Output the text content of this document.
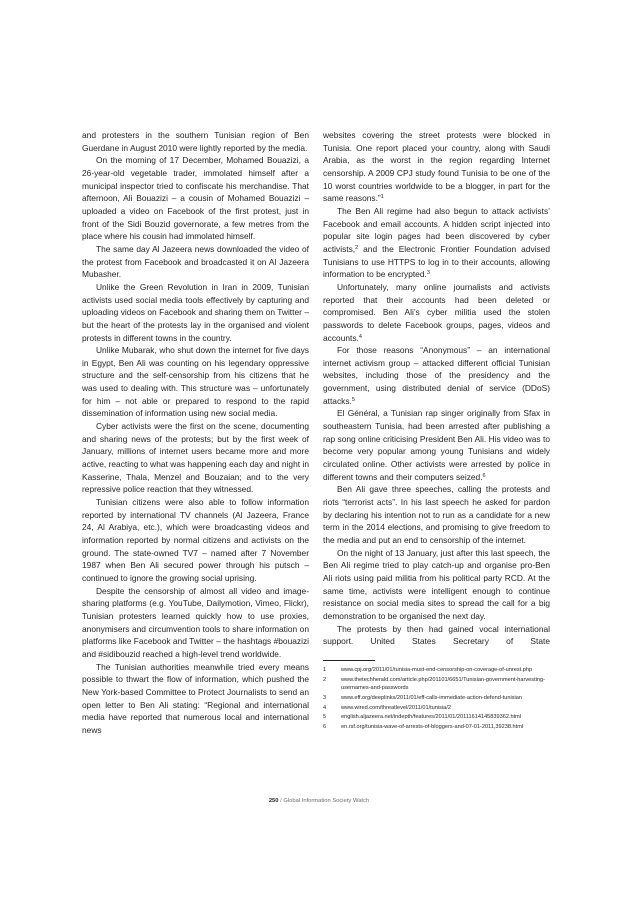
and protesters in the southern Tunisian region of Ben Guerdane in August 2010 were lightly reported by the media.

On the morning of 17 December, Mohamed Bouazizi, a 26-year-old vegetable trader, immolated himself after a municipal inspector tried to confiscate his merchandise. That afternoon, Ali Bouazizi – a cousin of Mohamed Bouazizi – uploaded a video on Facebook of the first protest, just in front of the Sidi Bouzid governorate, a few metres from the place where his cousin had immolated himself.

The same day Al Jazeera news downloaded the video of the protest from Facebook and broadcasted it on Al Jazeera Mubasher.

Unlike the Green Revolution in Iran in 2009, Tunisian activists used social media tools effectively by capturing and uploading videos on Facebook and sharing them on Twitter – but the heart of the protests lay in the organised and violent protests in different towns in the country.

Unlike Mubarak, who shut down the internet for five days in Egypt, Ben Ali was counting on his legendary oppressive structure and the self-censorship from his citizens that he was used to dealing with. This structure was – unfortunately for him – not able or prepared to respond to the rapid dissemination of information using new social media.

Cyber activists were the first on the scene, documenting and sharing news of the protests; but by the first week of January, millions of internet users became more and more active, reacting to what was happening each day and night in Kasserine, Thala, Menzel and Bouzaian; and to the very repressive police reaction that they witnessed.

Tunisian citizens were also able to follow information reported by international TV channels (Al Jazeera, France 24, Al Arabiya, etc.), which were broadcasting videos and information reported by normal citizens and activists on the ground. The state-owned TV7 – named after 7 November 1987 when Ben Ali secured power through his putsch – continued to ignore the growing social uprising.

Despite the censorship of almost all video and image-sharing platforms (e.g. YouTube, Dailymotion, Vimeo, Flickr), Tunisian protesters learned quickly how to use proxies, anonymisers and circumvention tools to share information on platforms like Facebook and Twitter – the hashtags #bouazizi and #sidibouzid reached a high-level trend worldwide.

The Tunisian authorities meanwhile tried every means possible to thwart the flow of information, which pushed the New York-based Committee to Protect Journalists to send an open letter to Ben Ali stating: “Regional and international media have reported that numerous local and international news

websites covering the street protests were blocked in Tunisia. One report placed your country, along with Saudi Arabia, as the worst in the region regarding Internet censorship. A 2009 CPJ study found Tunisia to be one of the 10 worst countries worldwide to be a blogger, in part for the same reasons.”$^1$

The Ben Ali regime had also begun to attack activists’ Facebook and email accounts. A hidden script injected into popular site login pages had been discovered by cyber activists,$^2$ and the Electronic Frontier Foundation advised Tunisians to use HTTPS to log in to their accounts, allowing information to be encrypted.$^3$

Unfortunately, many online journalists and activists reported that their accounts had been deleted or compromised. Ben Ali’s cyber militia used the stolen passwords to delete Facebook groups, pages, videos and accounts.$^4$

For those reasons “Anonymous” – an international internet activism group – attacked different official Tunisian websites, including those of the presidency and the government, using distributed denial of service (DDoS) attacks.$^5$

El Général, a Tunisian rap singer originally from Sfax in southeastern Tunisia, had been arrested after publishing a rap song online criticising President Ben Ali. His video was to become very popular among young Tunisians and widely circulated online. Other activists were arrested by police in different towns and their computers seized.$^6$

Ben Ali gave three speeches, calling the protests and riots “terrorist acts”. In his last speech he asked for pardon by declaring his intention not to run as a candidate for a new term in the 2014 elections, and promising to give freedom to the media and put an end to censorship of the internet.

On the night of 13 January, just after this last speech, the Ben Ali regime tried to play catch-up and organise pro-Ben Ali riots using paid militia from his political party RCD. At the same time, activists were intelligent enough to continue resistance on social media sites to spread the call for a big demonstration to be organised the next day.

The protests by then had gained vocal international support. United States Secretary of State

1	www.cpj.org/2011/01/tunisia-must-end-censorship-on-coverage-of-unrest.php
2	www.thetechherald.com/article.php/201101/6651/Tunisian-government-harvesting-usernames-and-passwords
3	www.eff.org/deeplinks/2011/01/eff-calls-immediate-action-defend-tunisian
4	www.wired.com/threatlevel/2011/01/tunisia/2
5	english.aljazeera.net/indepth/features/2011/01/20111614145839362.html
6	en.rsf.org/tunisia-wave-of-arrests-of-bloggers-and-07-01-2011,39238.html
250 / Global Information Society Watch
